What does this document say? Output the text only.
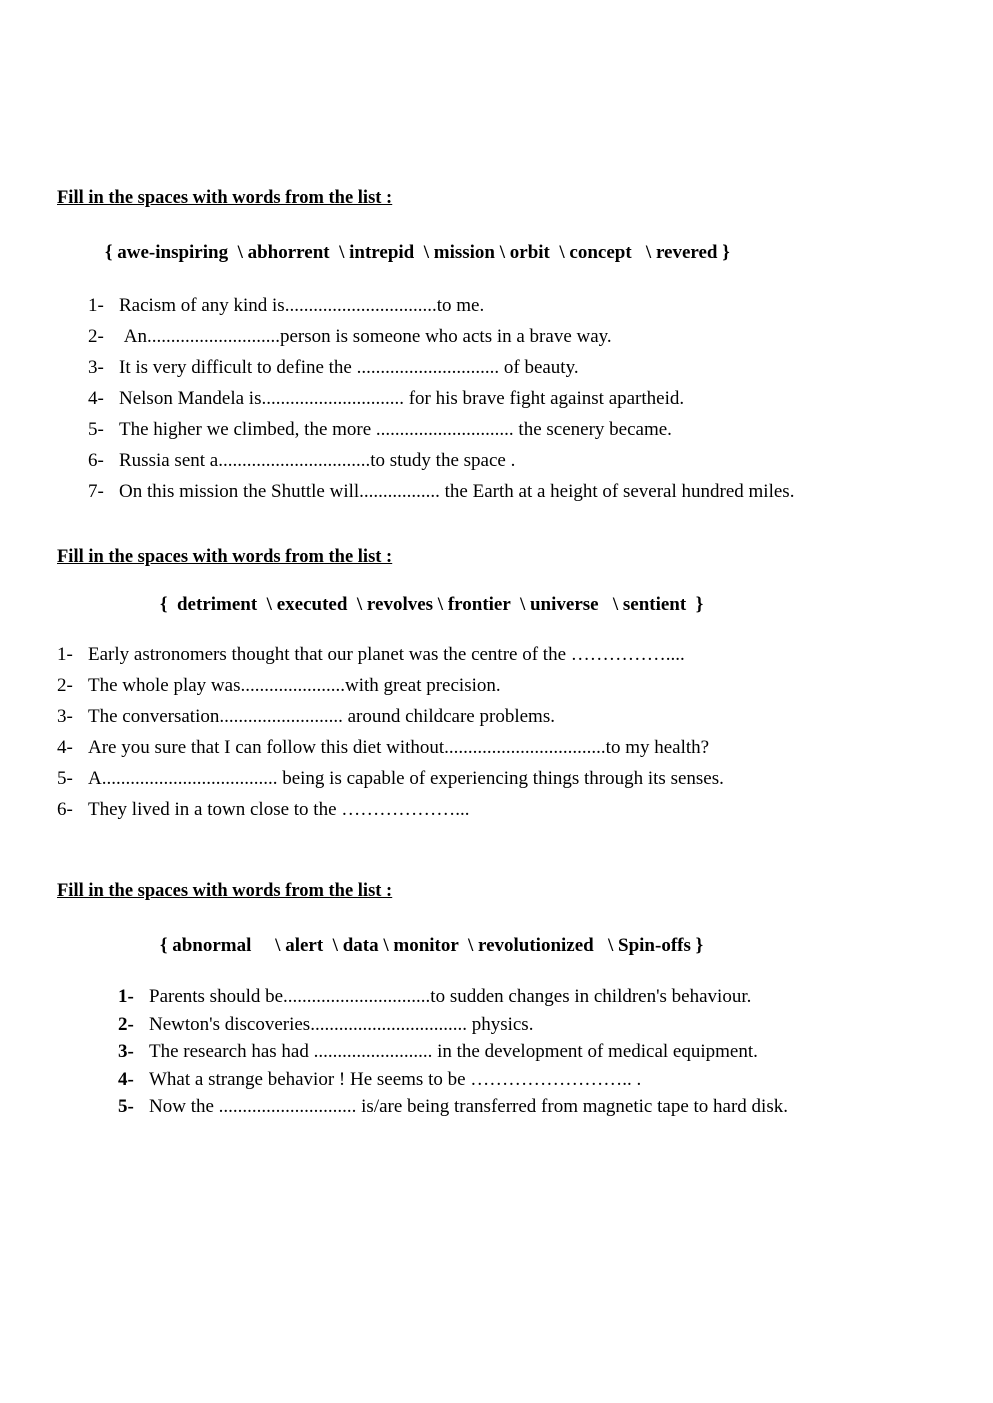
Fill in the spaces with words from the list :
{ awe-inspiring  \ abhorrent  \ intrepid  \ mission \ orbit  \ concept   \ revered }
1- Racism of any kind is................................to me.
2- An............................person is someone who acts in a brave way.
3- It is very difficult to define the .............................. of beauty.
4- Nelson Mandela is.............................. for his brave fight against apartheid.
5- The higher we climbed, the more ............................. the scenery became.
6- Russia sent a................................to study the space .
7- On this mission the Shuttle will................. the Earth at a height of several hundred miles.
Fill in the spaces with words from the list :
{  detriment  \ executed  \ revolves \ frontier  \ universe   \ sentient  }
1- Early astronomers thought that our planet was the centre of the ……………....
2- The whole play was......................with great precision.
3- The conversation.......................... around childcare problems.
4- Are you sure that I can follow this diet without..................................to my health?
5- A..................................... being is capable of experiencing things through its senses.
6- They lived in a town close to the ………………...
Fill in the spaces with words from the list :
{ abnormal     \ alert  \ data \ monitor  \ revolutionized   \ Spin-offs }
1- Parents should be...............................to sudden changes in children's behaviour.
2- Newton's discoveries................................. physics.
3- The research has had ......................... in the development of medical equipment.
4- What a strange behavior ! He seems to be …………………….. .
5- Now the ............................. is/are being transferred from magnetic tape to hard disk.
